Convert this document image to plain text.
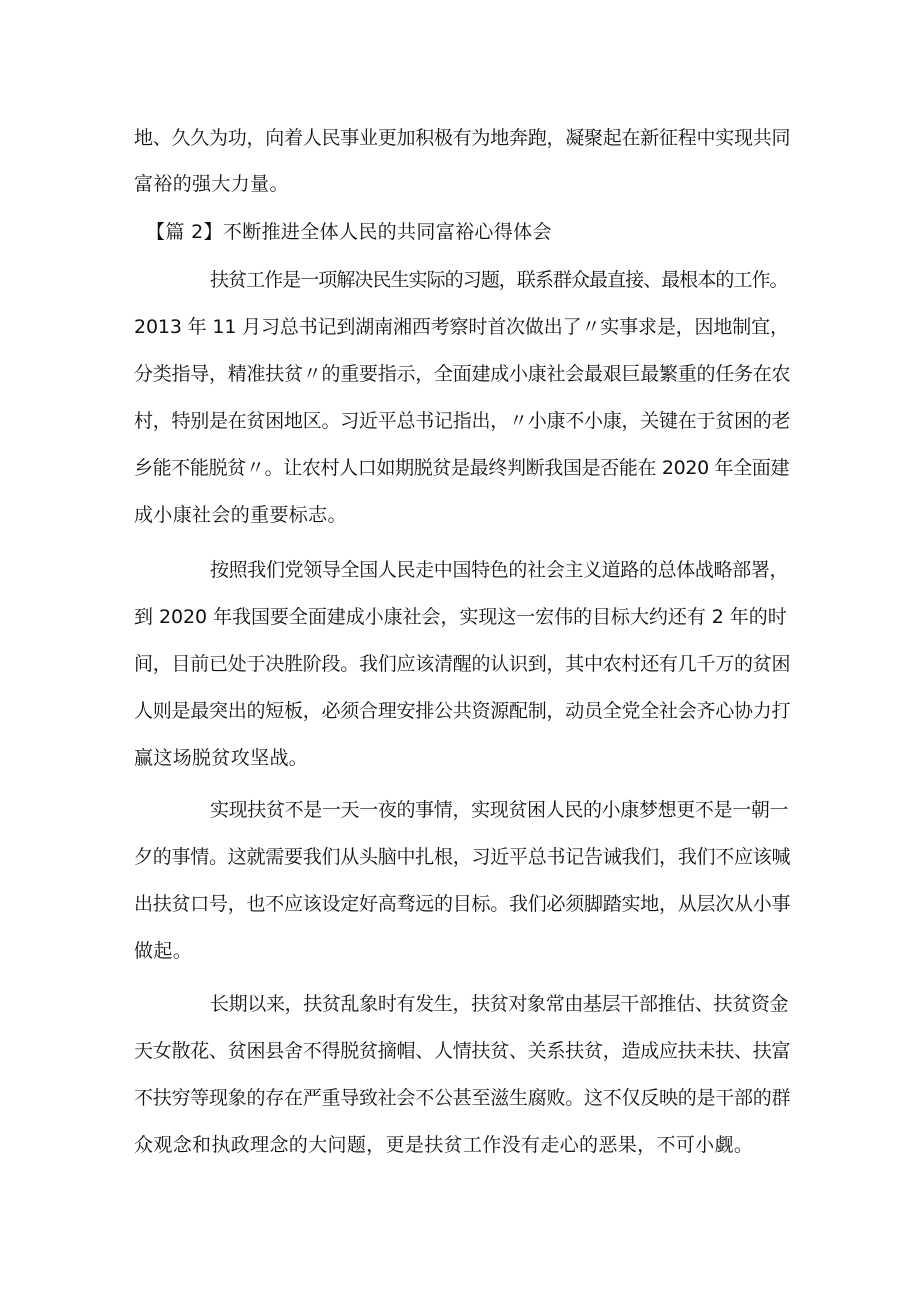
地、久久为功，向着人民事业更加积极有为地奔跑，凝聚起在新征程中实现共同
富裕的强大力量。
【篇 2】不断推进全体人民的共同富裕心得体会
扶贫工作是一项解决民生实际的习题，联系群众最直接、最根本的工作。
2013 年 11 月习总书记到湖南湘西考察时首次做出了〃实事求是，因地制宜，
分类指导，精准扶贫〃的重要指示，全面建成小康社会最艰巨最繁重的任务在农
村，特别是在贫困地区。习近平总书记指出，〃小康不小康，关键在于贫困的老
乡能不能脱贫〃。让农村人口如期脱贫是最终判断我国是否能在 2020 年全面建
成小康社会的重要标志。
按照我们党领导全国人民走中国特色的社会主义道路的总体战略部署，
到 2020 年我国要全面建成小康社会，实现这一宏伟的目标大约还有 2 年的时
间，目前已处于决胜阶段。我们应该清醒的认识到，其中农村还有几千万的贫困
人则是最突出的短板，必须合理安排公共资源配制，动员全党全社会齐心协力打
赢这场脱贫攻坚战。
实现扶贫不是一天一夜的事情，实现贫困人民的小康梦想更不是一朝一
夕的事情。这就需要我们从头脑中扎根，习近平总书记告诫我们，我们不应该喊
出扶贫口号，也不应该设定好高骛远的目标。我们必须脚踏实地，从层次从小事
做起。
长期以来，扶贫乱象时有发生，扶贫对象常由基层干部推估、扶贫资金
天女散花、贫困县舍不得脱贫摘帽、人情扶贫、关系扶贫，造成应扶未扶、扶富
不扶穷等现象的存在严重导致社会不公甚至滋生腐败。这不仅反映的是干部的群
众观念和执政理念的大问题，更是扶贫工作没有走心的恶果，不可小觑。
